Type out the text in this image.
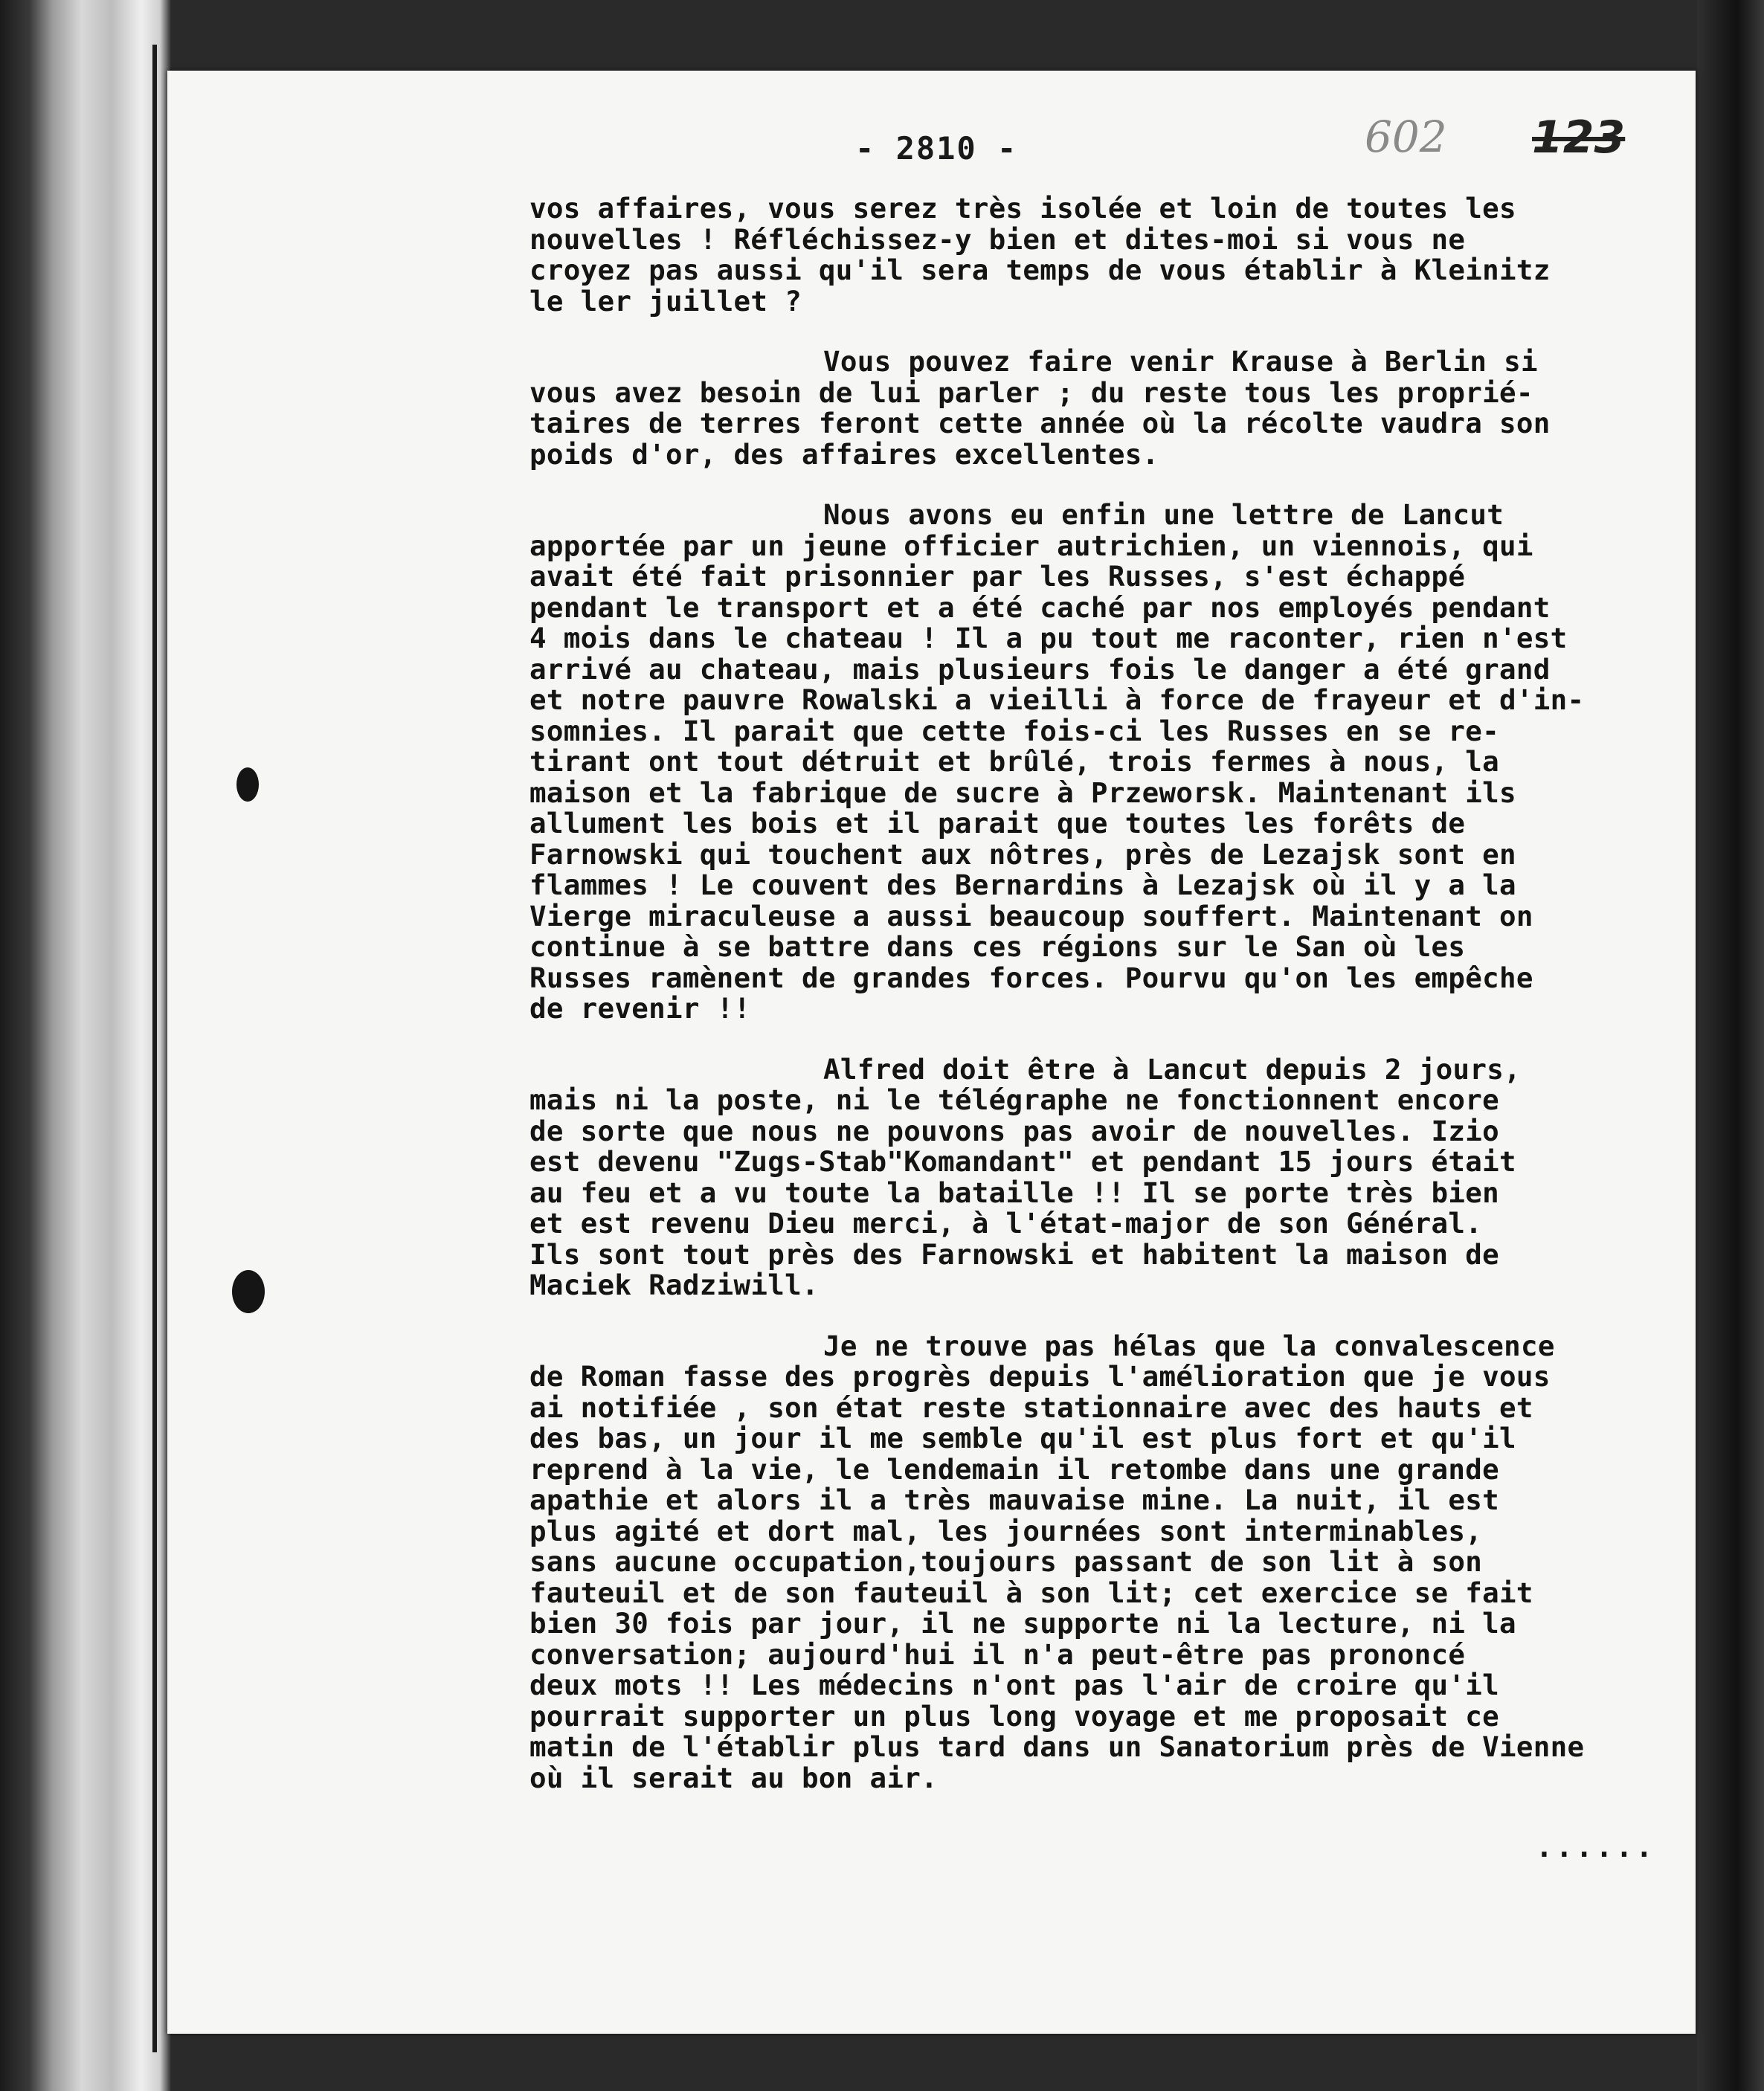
- 2810 -	602 123
vos affaires, vous serez très isolée et loin de toutes les
nouvelles ! Réfléchissez-y bien et dites-moi si vous ne
croyez pas aussi qu'il sera temps de vous établir à Kleinitz
le ler juillet ?
Vous pouvez faire venir Krause à Berlin si
vous avez besoin de lui parler ; du reste tous les proprié-
taires de terres feront cette année où la récolte vaudra son
poids d'or, des affaires excellentes.
Nous avons eu enfin une lettre de Lancut
apportée par un jeune officier autrichien, un viennois, qui
avait été fait prisonnier par les Russes, s'est échappé
pendant le transport et a été caché par nos employés pendant
4 mois dans le chateau ! Il a pu tout me raconter, rien n'est
arrivé au chateau, mais plusieurs fois le danger a été grand
et notre pauvre Rowalski a vieilli à force de frayeur et d'in-
somnies. Il parait que cette fois-ci les Russes en se re-
tirant ont tout détruit et brûlé, trois fermes à nous, la
maison et la fabrique de sucre à Przeworsk. Maintenant ils
allument les bois et il parait que toutes les forêts de
Farnowski qui touchent aux nôtres, près de Lezajsk sont en
flammes ! Le couvent des Bernardins à Lezajsk où il y a la
Vierge miraculeuse a aussi beaucoup souffert. Maintenant on
continue à se battre dans ces régions sur le San où les
Russes ramènent de grandes forces. Pourvu qu'on les empêche
de revenir !!
Alfred doit être à Lancut depuis 2 jours,
mais ni la poste, ni le télégraphe ne fonctionnent encore
de sorte que nous ne pouvons pas avoir de nouvelles. Izio
est devenu "Zugs-Stab"Komandant" et pendant 15 jours était
au feu et a vu toute la bataille !! Il se porte très bien
et est revenu Dieu merci, à l'état-major de son Général.
Ils sont tout près des Farnowski et habitent la maison de
Maciek Radziwill.
Je ne trouve pas hélas que la convalescence
de Roman fasse des progrès depuis l'amélioration que je vous
ai notifiée , son état reste stationnaire avec des hauts et
des bas, un jour il me semble qu'il est plus fort et qu'il
reprend à la vie, le lendemain il retombe dans une grande
apathie et alors il a très mauvaise mine. La nuit, il est
plus agité et dort mal, les journées sont interminables,
sans aucune occupation,toujours passant de son lit à son
fauteuil et de son fauteuil à son lit; cet exercice se fait
bien 30 fois par jour, il ne supporte ni la lecture, ni la
conversation; aujourd'hui il n'a peut-être pas prononcé
deux mots !! Les médecins n'ont pas l'air de croire qu'il
pourrait supporter un plus long voyage et me proposait ce
matin de l'établir plus tard dans un Sanatorium près de Vienne
où il serait au bon air.
......
